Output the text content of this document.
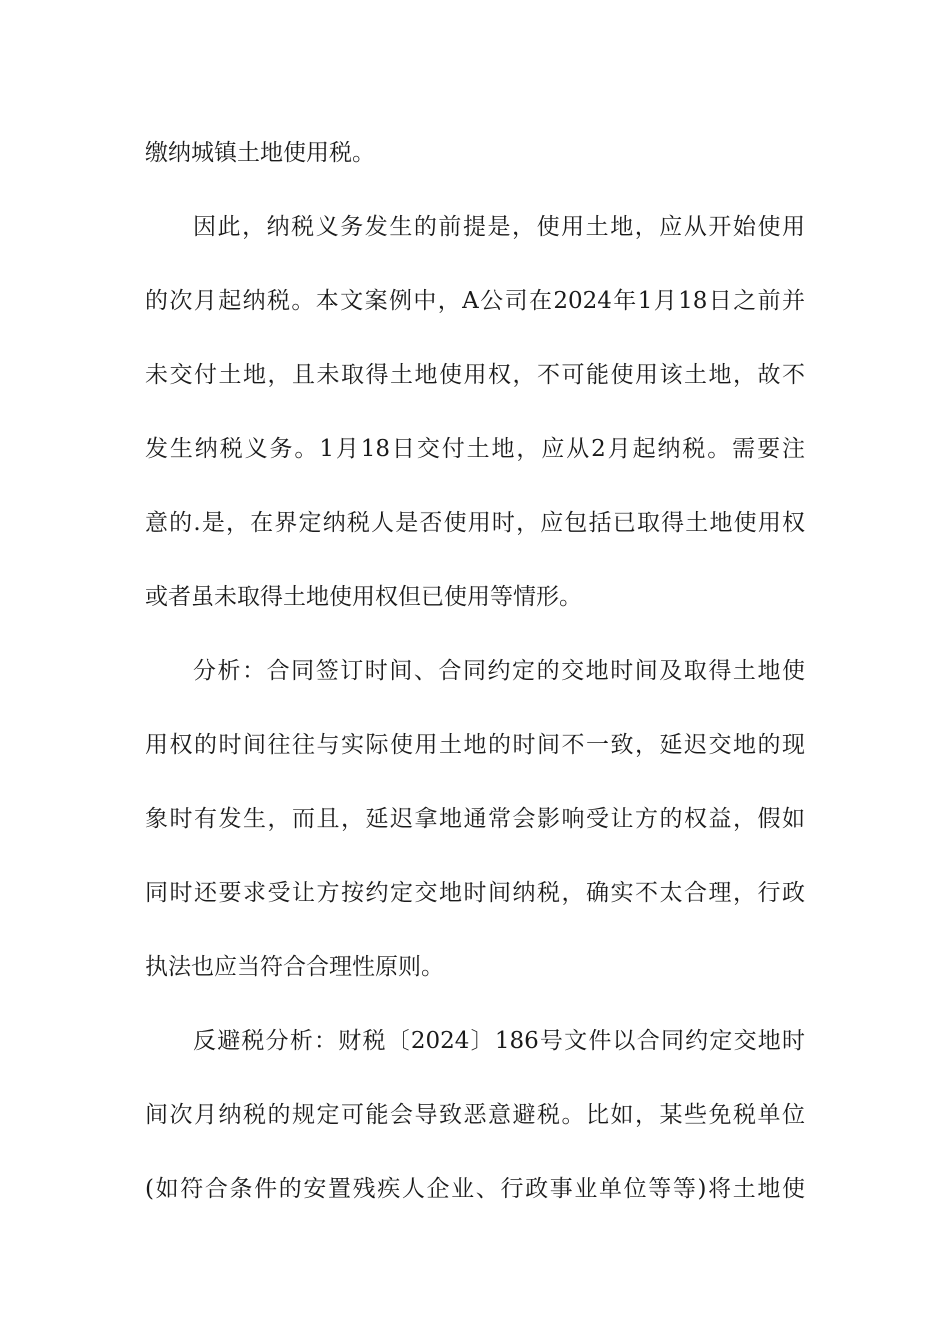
缴纳城镇土地使用税。
因此，纳税义务发生的前提是，使用土地，应从开始使用
的次月起纳税。本文案例中，A公司在2024年1月18日之前并
未交付土地，且未取得土地使用权，不可能使用该土地，故不
发生纳税义务。1月18日交付土地，应从2月起纳税。需要注
意的.是，在界定纳税人是否使用时，应包括已取得土地使用权
或者虽未取得土地使用权但已使用等情形。
分析：合同签订时间、合同约定的交地时间及取得土地使
用权的时间往往与实际使用土地的时间不一致，延迟交地的现
象时有发生，而且，延迟拿地通常会影响受让方的权益，假如
同时还要求受让方按约定交地时间纳税，确实不太合理，行政
执法也应当符合合理性原则。
反避税分析：财税〔2024〕186号文件以合同约定交地时
间次月纳税的规定可能会导致恶意避税。比如，某些免税单位
(如符合条件的安置残疾人企业、行政事业单位等等)将土地使
